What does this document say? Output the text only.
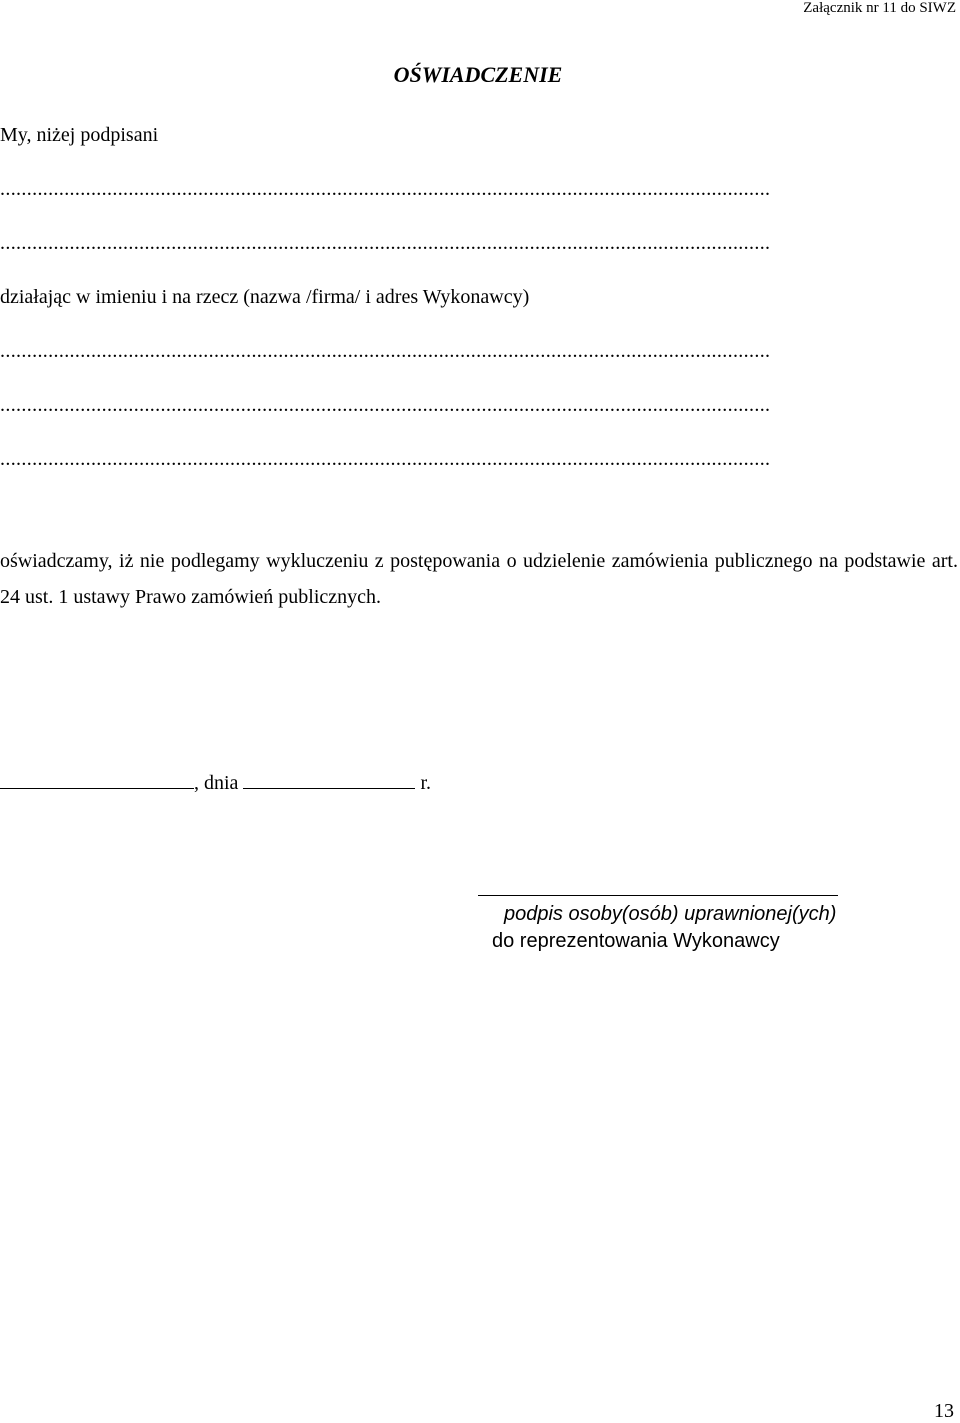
Załącznik nr 11 do SIWZ
OŚWIADCZENIE
My, niżej podpisani
................................................................................................................................................
................................................................................................................................................
działając w imieniu i na rzecz (nazwa /firma/ i adres Wykonawcy)
................................................................................................................................................
................................................................................................................................................
................................................................................................................................................
oświadczamy, iż nie podlegamy wykluczeniu z postępowania o udzielenie zamówienia publicznego na podstawie art. 24 ust. 1 ustawy Prawo zamówień publicznych.
, dnia	r.
podpis osoby(osób) uprawnionej(ych)
do reprezentowania Wykonawcy
13
